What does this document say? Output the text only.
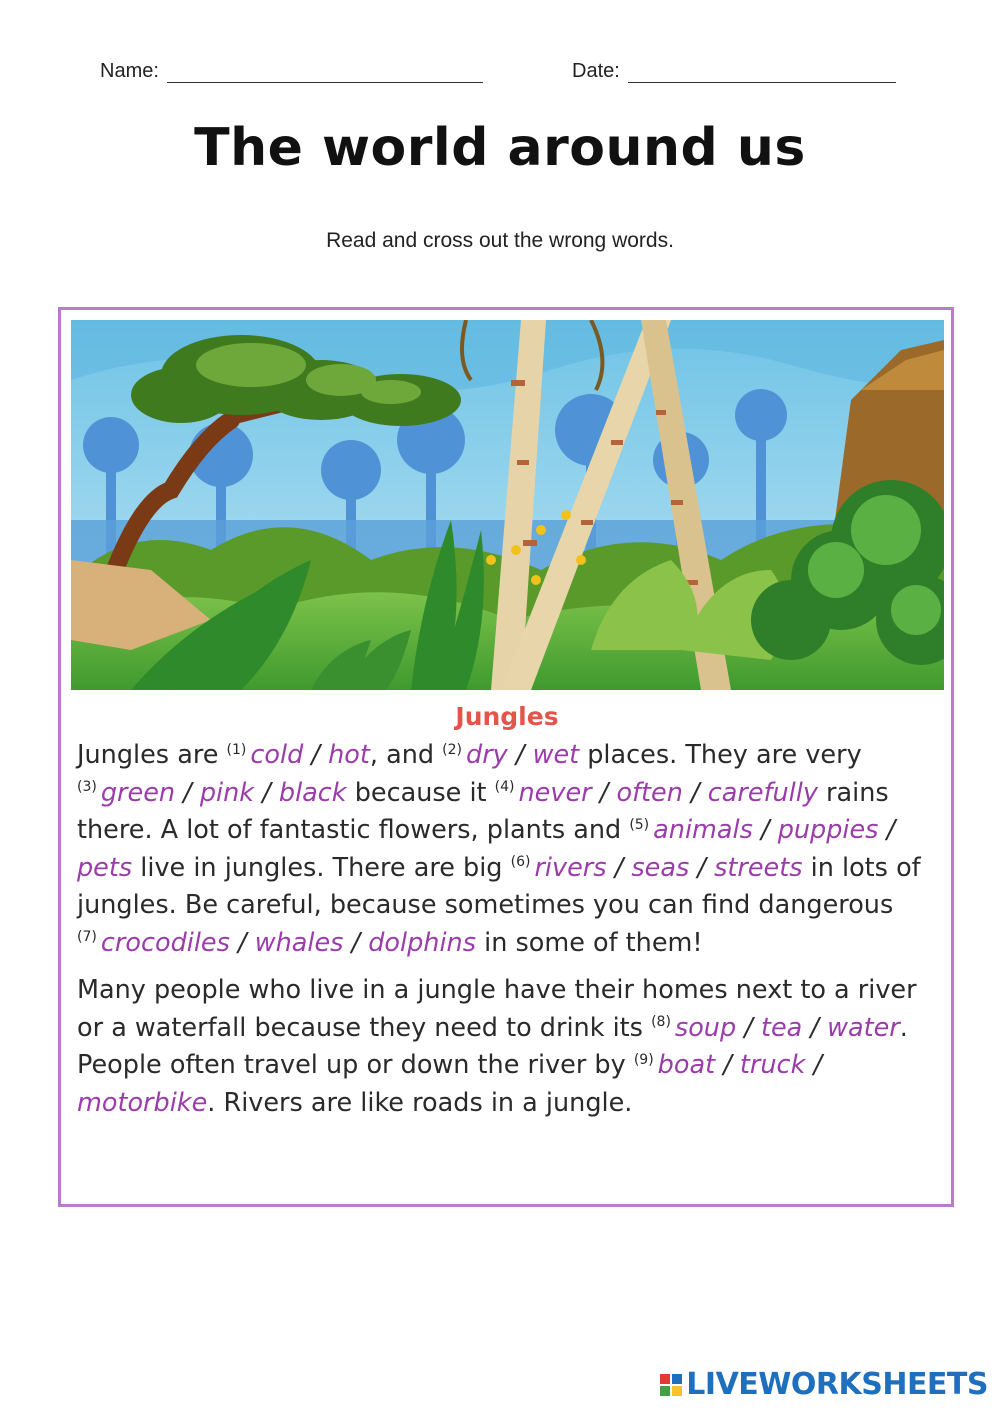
Name:	Date:
The world around us
Read and cross out the wrong words.
Jungles

Jungles are $^{(1)}$ cold / hot, and $^{(2)}$ dry / wet places. They are very $^{(3)}$ green / pink / black because it $^{(4)}$ never / often / carefully rains there. A lot of fantastic flowers, plants and $^{(5)}$ animals / puppies / pets live in jungles. There are big $^{(6)}$ rivers / seas / streets in lots of jungles. Be careful, because sometimes you can find dangerous $^{(7)}$ crocodiles / whales / dolphins in some of them!

Many people who live in a jungle have their homes next to a river or a waterfall because they need to drink its $^{(8)}$ soup / tea / water. People often travel up or down the river by $^{(9)}$ boat / truck / motorbike. Rivers are like roads in a jungle.

LIVEWORKSHEETS
